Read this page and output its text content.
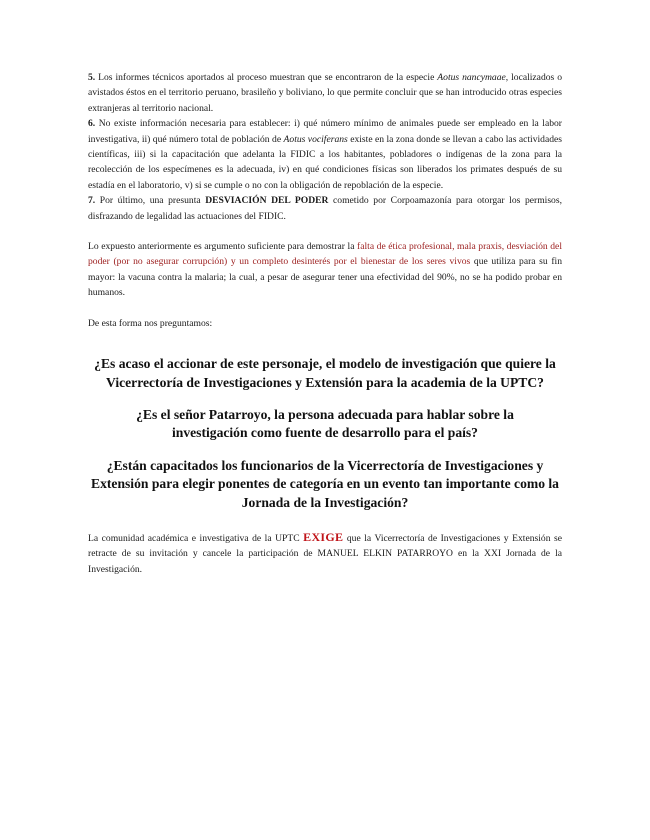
5. Los informes técnicos aportados al proceso muestran que se encontraron de la especie Aotus nancymaae, localizados o avistados éstos en el territorio peruano, brasileño y boliviano, lo que permite concluir que se han introducido otras especies extranjeras al territorio nacional.

6. No existe información necesaria para establecer: i) qué número mínimo de animales puede ser empleado en la labor investigativa, ii) qué número total de población de Aotus vociferans existe en la zona donde se llevan a cabo las actividades científicas, iii) si la capacitación que adelanta la FIDIC a los habitantes, pobladores o indígenas de la zona para la recolección de los especímenes es la adecuada, iv) en qué condiciones físicas son liberados los primates después de su estadía en el laboratorio, v) si se cumple o no con la obligación de repoblación de la especie.

7. Por último, una presunta DESVIACIÓN DEL PODER cometido por Corpoamazonía para otorgar los permisos, disfrazando de legalidad las actuaciones del FIDIC.

Lo expuesto anteriormente es argumento suficiente para demostrar la falta de ética profesional, mala praxis, desviación del poder (por no asegurar corrupción) y un completo desinterés por el bienestar de los seres vivos que utiliza para su fin mayor: la vacuna contra la malaria; la cual, a pesar de asegurar tener una efectividad del 90%, no se ha podido probar en humanos.

De esta forma nos preguntamos:

¿Es acaso el accionar de este personaje, el modelo de investigación que quiere la Vicerrectoría de Investigaciones y Extensión para la academia de la UPTC?
¿Es el señor Patarroyo, la persona adecuada para hablar sobre la investigación como fuente de desarrollo para el país?
¿Están capacitados los funcionarios de la Vicerrectoría de Investigaciones y Extensión para elegir ponentes de categoría en un evento tan importante como la Jornada de la Investigación?

La comunidad académica e investigativa de la UPTC EXIGE que la Vicerrectoría de Investigaciones y Extensión se retracte de su invitación y cancele la participación de MANUEL ELKIN PATARROYO en la XXI Jornada de la Investigación.
